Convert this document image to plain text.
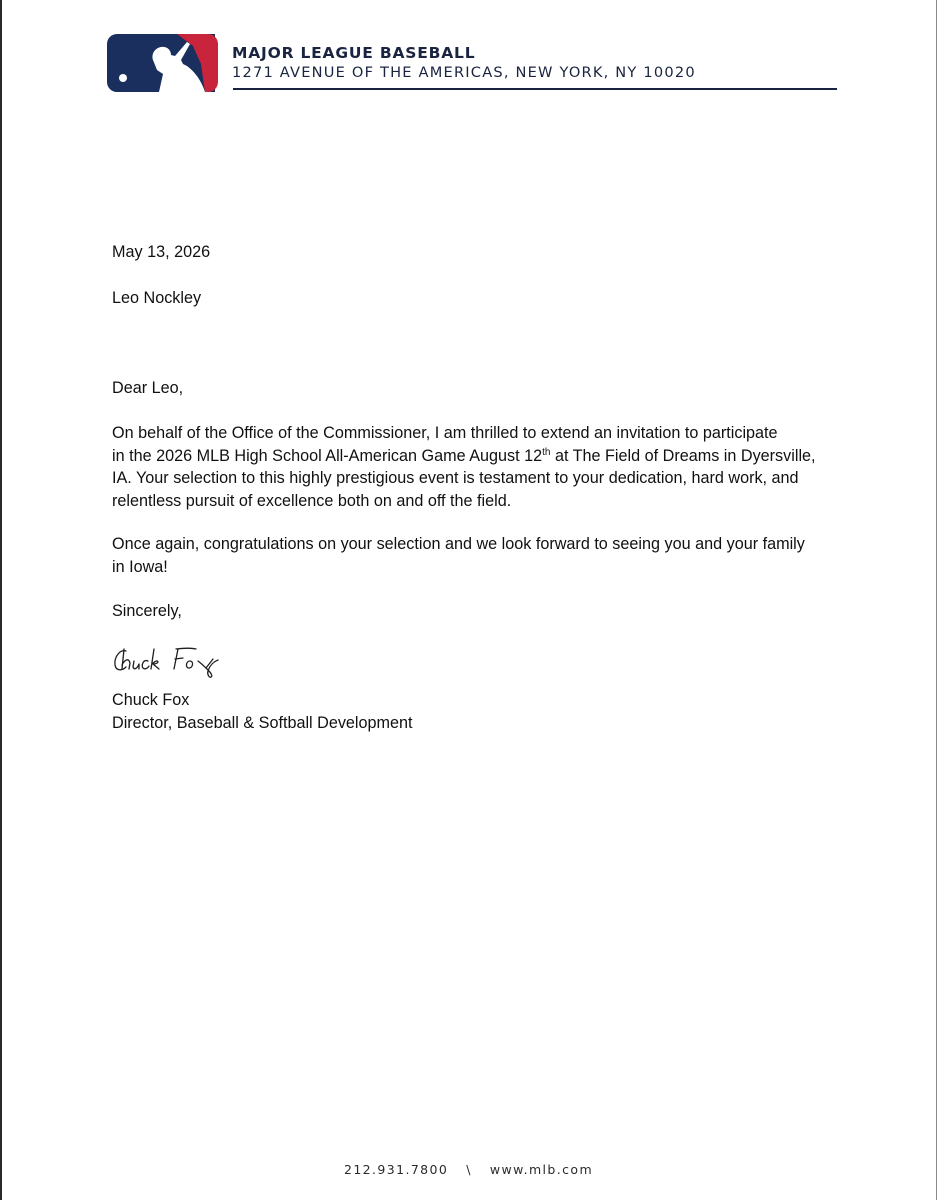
MAJOR LEAGUE BASEBALL
1271 AVENUE OF THE AMERICAS, NEW YORK, NY 10020

May 13, 2026

Leo Nockley

Dear Leo,

On behalf of the Office of the Commissioner, I am thrilled to extend an invitation to participate
in the 2026 MLB High School All-American Game August 12th at The Field of Dreams in Dyersville,
IA. Your selection to this highly prestigious event is testament to your dedication, hard work, and
relentless pursuit of excellence both on and off the field.

Once again, congratulations on your selection and we look forward to seeing you and your family
in Iowa!

Sincerely,

Chuck Fox

Director, Baseball & Softball Development

212.931.7800 \ www.mlb.com
